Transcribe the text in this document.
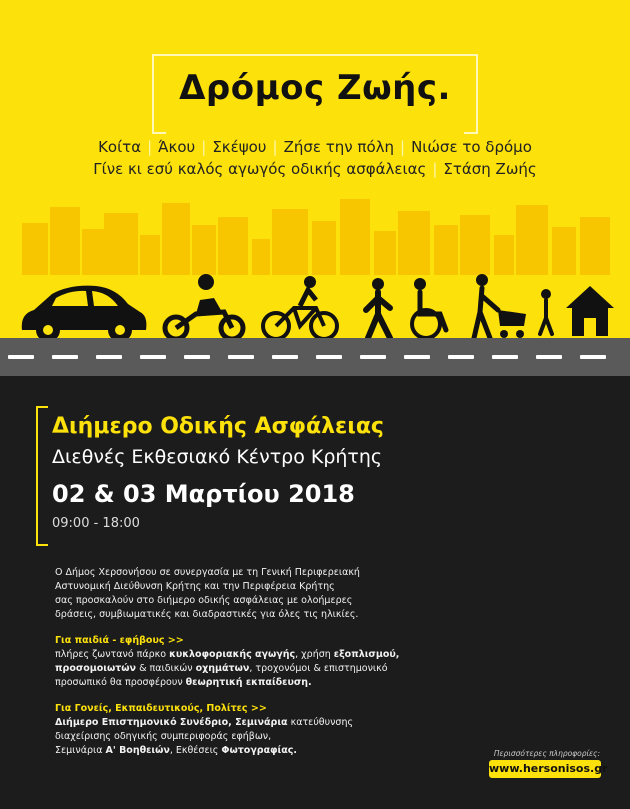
Δρόμος Ζωής.
Κοίτα | Άκου | Σκέψου | Ζήσε την πόλη | Νιώσε το δρόμο
Γίνε κι εσύ καλός αγωγός οδικής ασφάλειας | Στάση Ζωής
Διήμερο Οδικής Ασφάλειας
Διεθνές Εκθεσιακό Κέντρο Κρήτης
02 & 03 Μαρτίου 2018
09:00 - 18:00
Ο Δήμος Χερσονήσου σε συνεργασία με τη Γενική Περιφερειακή
Αστυνομική Διεύθυνση Κρήτης και την Περιφέρεια Κρήτης
σας προσκαλούν στο διήμερο οδικής ασφάλειας με ολοήμερες
δράσεις, συμβιωματικές και διαδραστικές για όλες τις ηλικίες.
Για παιδιά - εφήβους >>
πλήρες ζωντανό πάρκο κυκλοφοριακής αγωγής, χρήση εξοπλισμού,
προσομοιωτών & παιδικών οχημάτων, τροχονόμοι & επιστημονικό
προσωπικό θα προσφέρουν θεωρητική εκπαίδευση.
Για Γονείς, Εκπαιδευτικούς, Πολίτες >>
Διήμερο Επιστημονικό Συνέδριο, Σεμινάρια κατεύθυνσης
διαχείρισης οδηγικής συμπεριφοράς εφήβων,
Σεμινάρια Α' Βοηθειών, Εκθέσεις Φωτογραφίας.	Περισσότερες πληροφορίες:
www.hersonisos.gr
